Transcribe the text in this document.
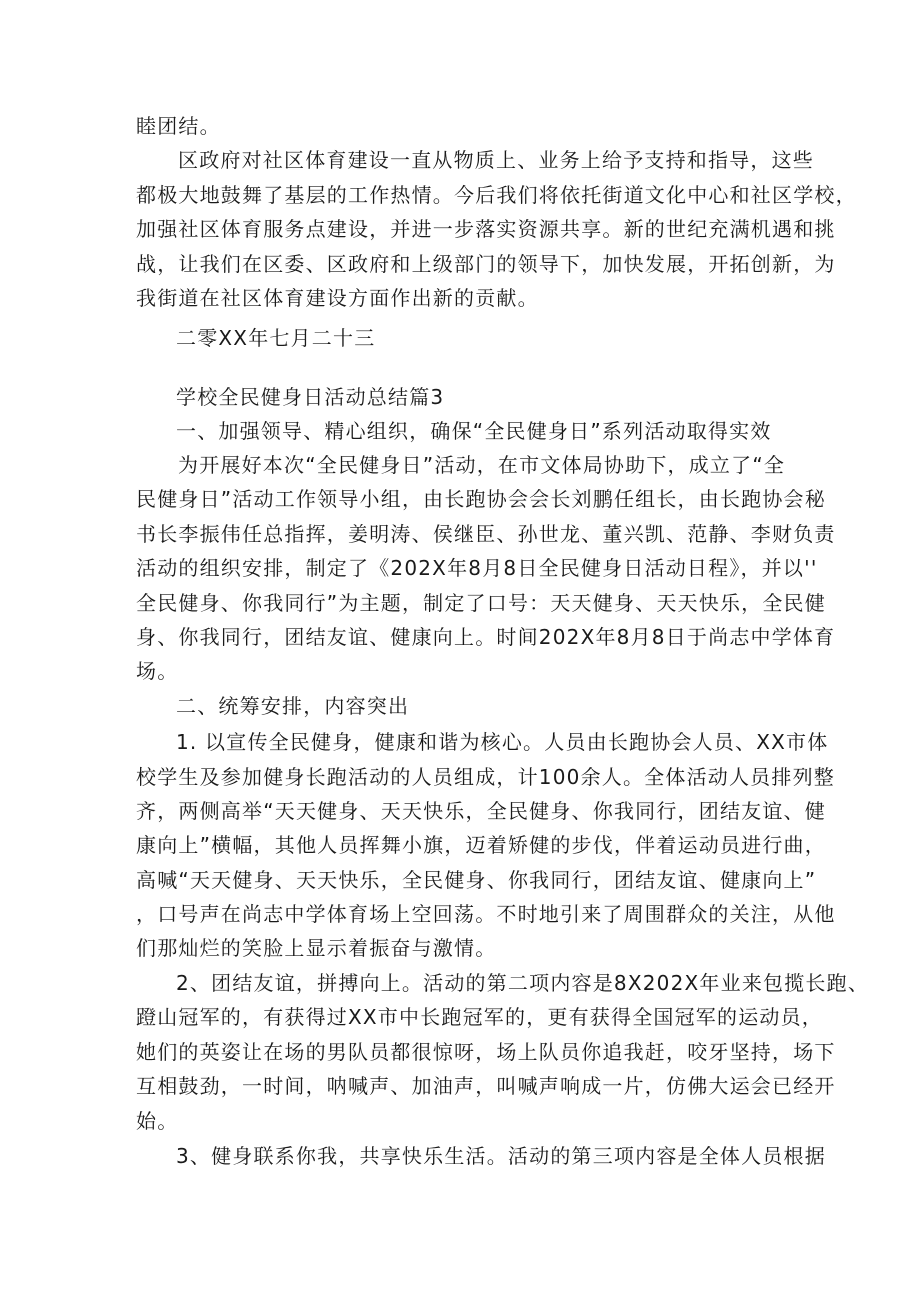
睦团结。
区政府对社区体育建设一直从物质上、业务上给予支持和指导，这些
都极大地鼓舞了基层的工作热情。今后我们将依托街道文化中心和社区学校，
加强社区体育服务点建设，并进一步落实资源共享。新的世纪充满机遇和挑
战，让我们在区委、区政府和上级部门的领导下，加快发展，开拓创新，为
我街道在社区体育建设方面作出新的贡献。
二零XX年七月二十三
学校全民健身日活动总结篇3
一、加强领导、精心组织，确保“全民健身日”系列活动取得实效
为开展好本次“全民健身日”活动，在市文体局协助下，成立了“全
民健身日”活动工作领导小组，由长跑协会会长刘鹏任组长，由长跑协会秘
书长李振伟任总指挥，姜明涛、侯继臣、孙世龙、董兴凯、范静、李财负责
活动的组织安排，制定了《202X年8月8日全民健身日活动日程》，并以''
全民健身、你我同行”为主题，制定了口号：天天健身、天天快乐，全民健
身、你我同行，团结友谊、健康向上。时间202X年8月8日于尚志中学体育
场。
二、统筹安排，内容突出
1. 以宣传全民健身，健康和谐为核心。人员由长跑协会人员、XX市体
校学生及参加健身长跑活动的人员组成，计100余人。全体活动人员排列整
齐，两侧高举“天天健身、天天快乐，全民健身、你我同行，团结友谊、健
康向上”横幅，其他人员挥舞小旗，迈着矫健的步伐，伴着运动员进行曲，
高喊“天天健身、天天快乐，全民健身、你我同行，团结友谊、健康向上”
，口号声在尚志中学体育场上空回荡。不时地引来了周围群众的关注，从他
们那灿烂的笑脸上显示着振奋与激情。
2、团结友谊，拼搏向上。活动的第二项内容是8X202X年业来包揽长跑、
蹬山冠军的，有获得过XX市中长跑冠军的，更有获得全国冠军的运动员，
她们的英姿让在场的男队员都很惊呀，场上队员你追我赶，咬牙坚持，场下
互相鼓劲，一时间，呐喊声、加油声，叫喊声响成一片，仿佛大运会已经开
始。
3、健身联系你我，共享快乐生活。活动的第三项内容是全体人员根据
